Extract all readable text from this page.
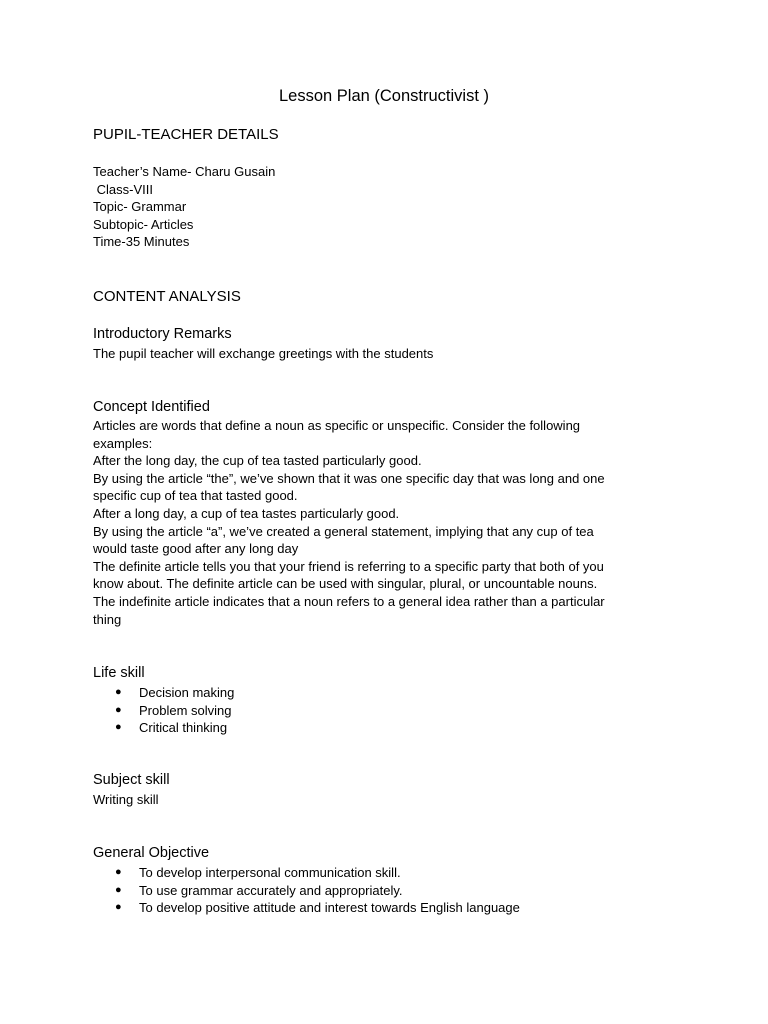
Lesson Plan (Constructivist )
PUPIL-TEACHER DETAILS
Teacher’s Name- Charu Gusain
Class-VIII
Topic- Grammar
Subtopic- Articles
Time-35 Minutes
CONTENT ANALYSIS
Introductory Remarks
The pupil teacher will exchange greetings with the students
Concept Identified
Articles are words that define a noun as specific or unspecific. Consider the following
examples:
After the long day, the cup of tea tasted particularly good.
By using the article “the”, we’ve shown that it was one specific day that was long and one
specific cup of tea that tasted good.
After a long day, a cup of tea tastes particularly good.
By using the article “a”, we’ve created a general statement, implying that any cup of tea
would taste good after any long day
The definite article tells you that your friend is referring to a specific party that both of you
know about. The definite article can be used with singular, plural, or uncountable nouns.
The indefinite article indicates that a noun refers to a general idea rather than a particular
thing
Life skill
● Decision making
● Problem solving
● Critical thinking
Subject skill
Writing skill
General Objective
● To develop interpersonal communication skill.
● To use grammar accurately and appropriately.
● To develop positive attitude and interest towards English language
